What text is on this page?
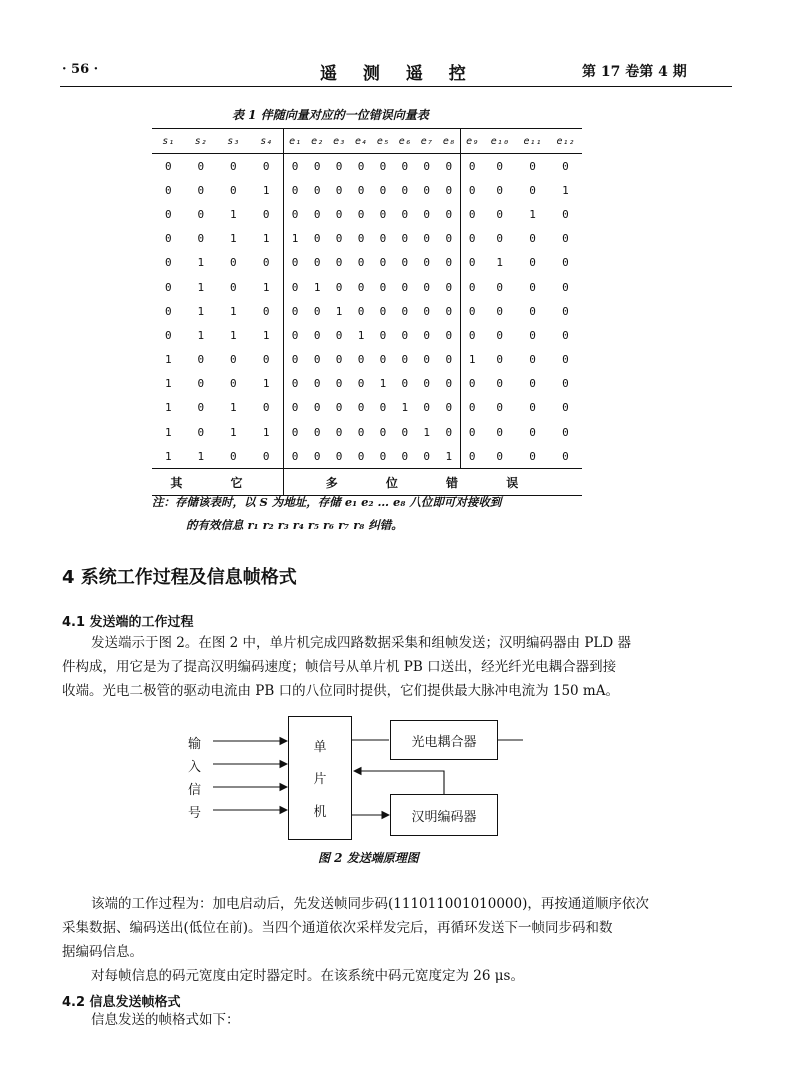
· 56 ·	遥 测 遥 控	第 17 卷第 4 期
表 1 伴随向量对应的一位错误向量表
s₁	s₂	s₃	s₄	e₁	e₂	e₃	e₄	e₅	e₆	e₇	e₈	e₉	e₁₀	e₁₁	e₁₂
0	0	0	0	0	0	0	0	0	0	0	0	0	0	0	0
0	0	0	1	0	0	0	0	0	0	0	0	0	0	0	1
0	0	1	0	0	0	0	0	0	0	0	0	0	0	1	0
0	0	1	1	1	0	0	0	0	0	0	0	0	0	0	0
0	1	0	0	0	0	0	0	0	0	0	0	0	1	0	0
0	1	0	1	0	1	0	0	0	0	0	0	0	0	0	0
0	1	1	0	0	0	1	0	0	0	0	0	0	0	0	0
0	1	1	1	0	0	0	1	0	0	0	0	0	0	0	0
1	0	0	0	0	0	0	0	0	0	0	0	1	0	0	0
1	0	0	1	0	0	0	0	1	0	0	0	0	0	0	0
1	0	1	0	0	0	0	0	0	1	0	0	0	0	0	0
1	0	1	1	0	0	0	0	0	0	1	0	0	0	0	0
1	1	0	0	0	0	0	0	0	0	0	1	0	0	0	0
其 它				多 位 错 误											
注：存储该表时，以 S 为地址，存储 e₁ e₂ … e₈ 八位即可对接收到
的有效信息 r₁ r₂ r₃ r₄ r₅ r₆ r₇ r₈ 纠错。
4 系统工作过程及信息帧格式
4.1 发送端的工作过程
发送端示于图 2。在图 2 中，单片机完成四路数据采集和组帧发送；汉明编码器由 PLD 器
件构成，用它是为了提高汉明编码速度；帧信号从单片机 PB 口送出，经光纤光电耦合器到接
收端。光电二极管的驱动电流由 PB 口的八位同时提供，它们提供最大脉冲电流为 150 mA。
输
入
信
号
单
片
机
光电耦合器
汉明编码器
图 2 发送端原理图
该端的工作过程为：加电启动后，先发送帧同步码(111011001010000)，再按通道顺序依次
采集数据、编码送出(低位在前)。当四个通道依次采样发完后，再循环发送下一帧同步码和数
据编码信息。
对每帧信息的码元宽度由定时器定时。在该系统中码元宽度定为 26 μs。
4.2 信息发送帧格式
信息发送的帧格式如下：
